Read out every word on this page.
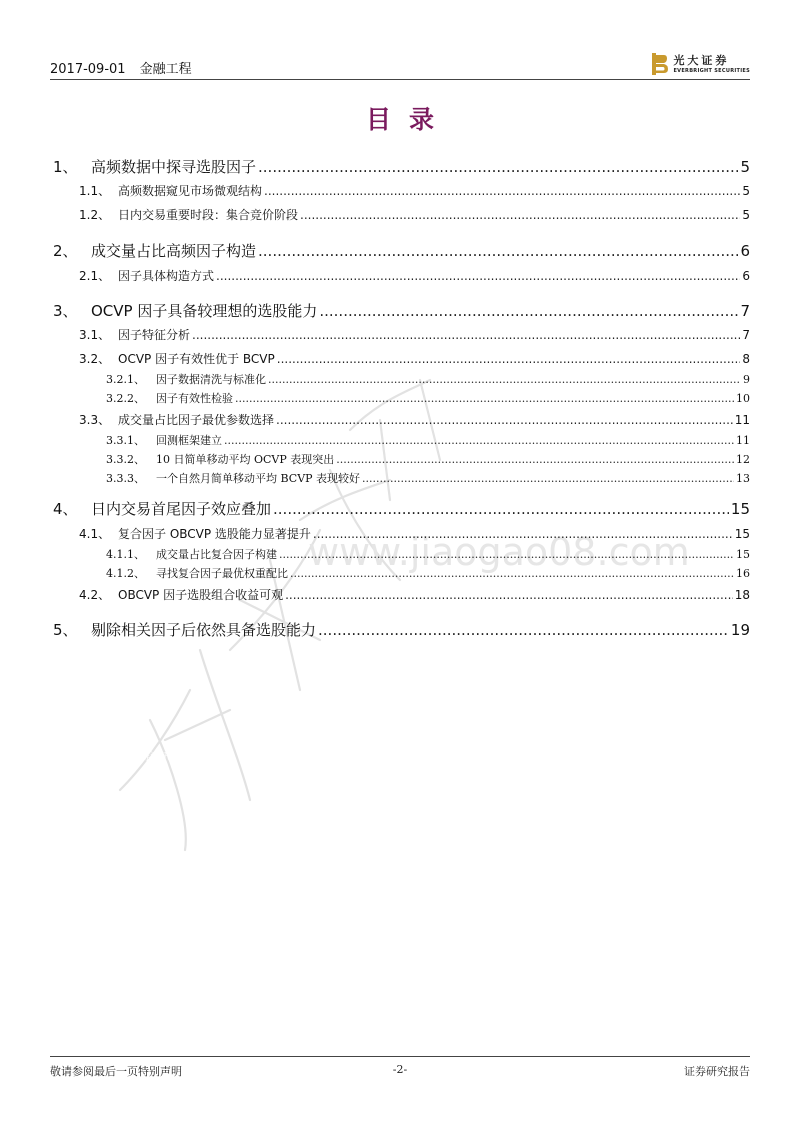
www.jiaogao08.com
万得资讯
2017-09-01 金融工程
光大证券
EVERBRIGHT SECURITIES
目录
1、 高频数据中探寻选股因子 .....	5
1.1、 高频数据窥见市场微观结构 .....	5
1.2、 日内交易重要时段：集合竞价阶段 .....	5
2、 成交量占比高频因子构造 .....	6
2.1、 因子具体构造方式 .....	6
3、 OCVP 因子具备较理想的选股能力 .....	7
3.1、 因子特征分析 .....	7
3.2、 OCVP 因子有效性优于 BCVP .....	8
3.2.1、	因子数据清洗与标准化 .....	9
3.2.2、	因子有效性检验 .....	10
3.3、 成交量占比因子最优参数选择 .....	11
3.3.1、	回测框架建立 .....	11
3.3.2、	10 日简单移动平均 OCVP 表现突出 .....	12
3.3.3、	一个自然月简单移动平均 BCVP 表现较好 .....	13
4、 日内交易首尾因子效应叠加 .....	15
4.1、 复合因子 OBCVP 选股能力显著提升 .....	15
4.1.1、	成交量占比复合因子构建 .....	15
4.1.2、	寻找复合因子最优权重配比 .....	16
4.2、 OBCVP 因子选股组合收益可观 .....	18
5、 剔除相关因子后依然具备选股能力 .....	19
敬请参阅最后一页特别声明	-2-	证券研究报告
